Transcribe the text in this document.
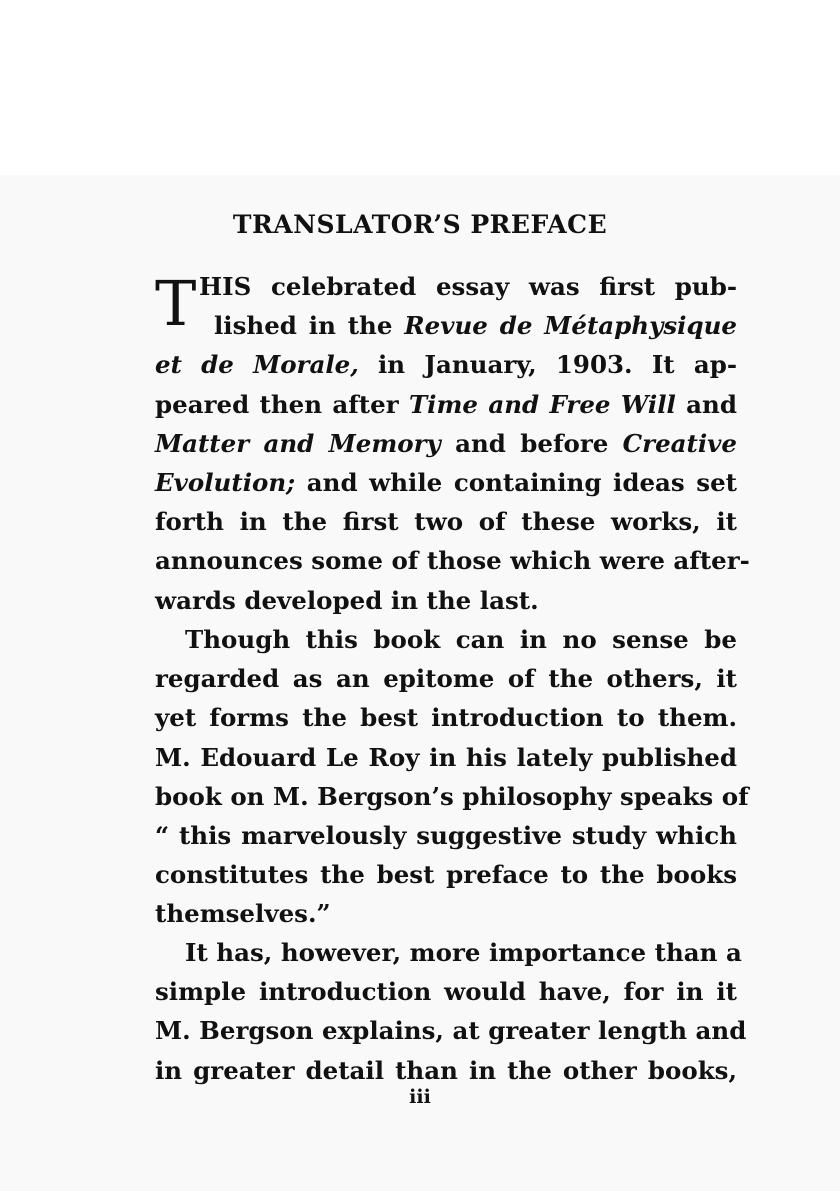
TRANSLATOR’S PREFACE
T HIS celebrated essay was first pub-
lished in the Revue de Métaphysique
et de Morale, in January, 1903. It ap-
peared then after Time and Free Will and
Matter and Memory and before Creative
Evolution; and while containing ideas set
forth in the first two of these works, it
announces some of those which were after-
wards developed in the last.
Though this book can in no sense be
regarded as an epitome of the others, it
yet forms the best introduction to them.
M. Edouard Le Roy in his lately published
book on M. Bergson’s philosophy speaks of
“ this marvelously suggestive study which
constitutes the best preface to the books
themselves.”
It has, however, more importance than a
simple introduction would have, for in it
M. Bergson explains, at greater length and
in greater detail than in the other books,
iii
